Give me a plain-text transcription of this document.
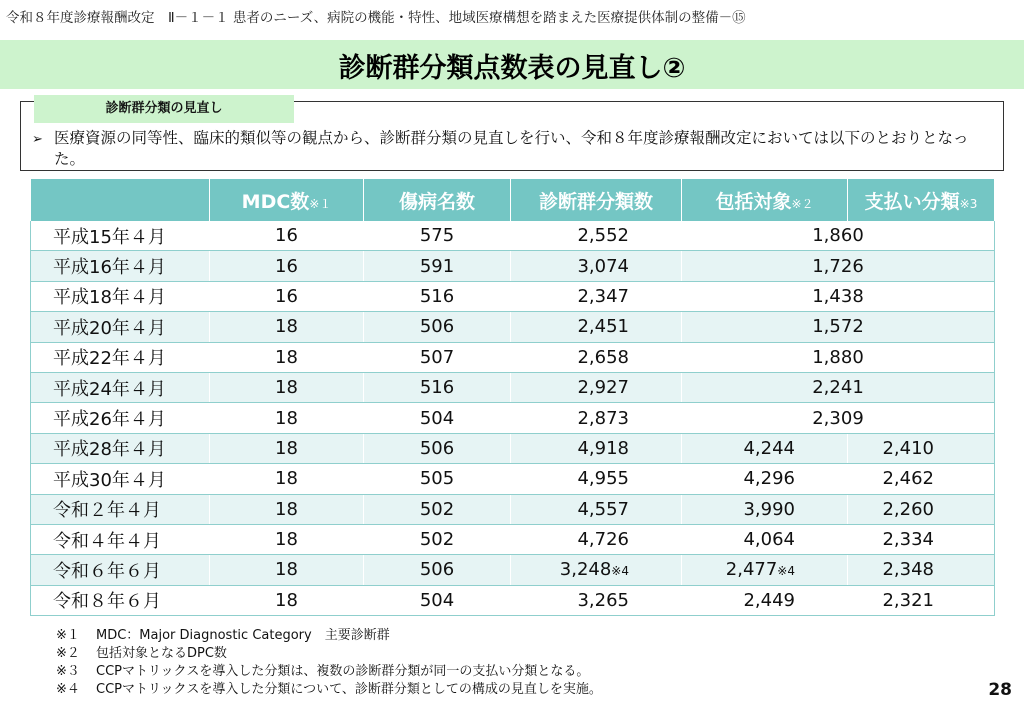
令和８年度診療報酬改定　Ⅱ－１－１ 患者のニーズ、病院の機能・特性、地域医療構想を踏まえた医療提供体制の整備－⑮
診断群分類点数表の見直し②
診断群分類の見直し
➢ 医療資源の同等性、臨床的類似等の観点から、診断群分類の見直しを行い、令和８年度診療報酬改定においては以下のとおりとなった。
	MDC数※１	傷病名数	診断群分類数	包括対象※２	支払い分類※3
平成15年４月	16	575	2,552	1,860	
平成16年４月	16	591	3,074	1,726	
平成18年４月	16	516	2,347	1,438	
平成20年４月	18	506	2,451	1,572	
平成22年４月	18	507	2,658	1,880	
平成24年４月	18	516	2,927	2,241	
平成26年４月	18	504	2,873	2,309	
平成28年４月	18	506	4,918	4,244	2,410
平成30年４月	18	505	4,955	4,296	2,462
令和２年４月	18	502	4,557	3,990	2,260
令和４年４月	18	502	4,726	4,064	2,334
令和６年６月	18	506	3,248※4	2,477※4	2,348
令和８年６月	18	504	3,265	2,449	2,321
※１	MDC：Major Diagnostic Category　主要診断群
※２	包括対象となるDPC数
※３	CCPマトリックスを導入した分類は、複数の診断群分類が同一の支払い分類となる。
※４	CCPマトリックスを導入した分類について、診断群分類としての構成の見直しを実施。	28
